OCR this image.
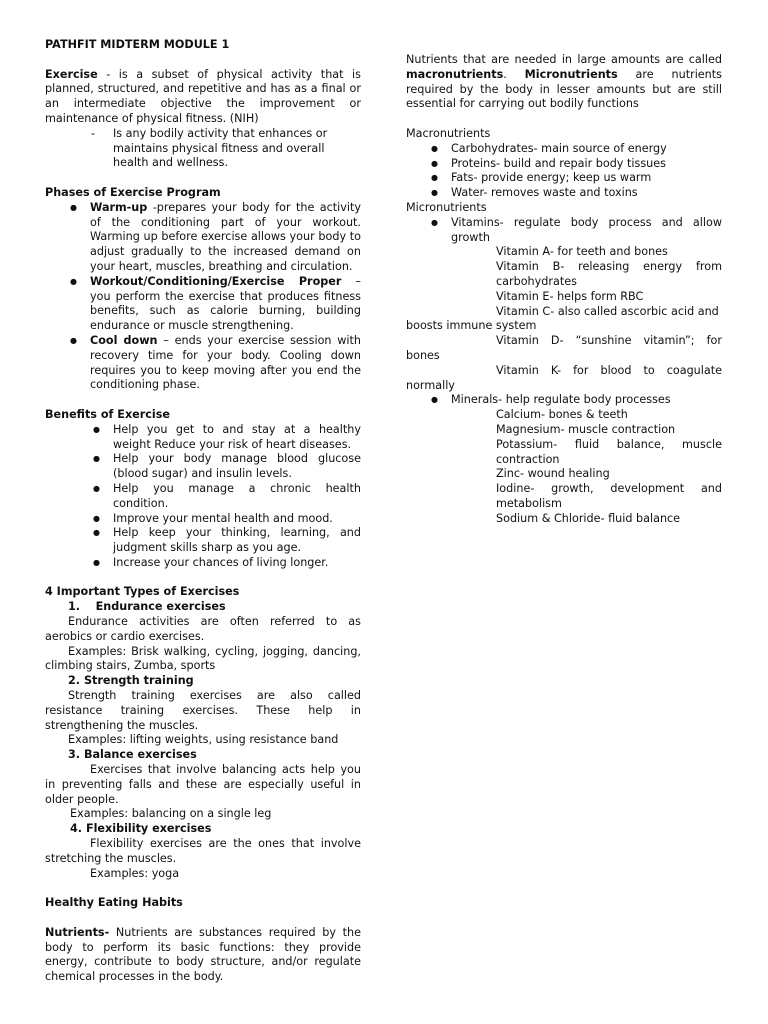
PATHFIT MIDTERM MODULE 1

Exercise - is a subset of physical activity that is planned, structured, and repetitive and has as a final or an intermediate objective the improvement or maintenance of physical fitness. (NIH)

- Is any bodily activity that enhances or maintains physical fitness and overall health and wellness.

Phases of Exercise Program

● Warm-up -prepares your body for the activity of the conditioning part of your workout. Warming up before exercise allows your body to adjust gradually to the increased demand on your heart, muscles, breathing and circulation.
● Workout/Conditioning/Exercise Proper – you perform the exercise that produces fitness benefits, such as calorie burning, building endurance or muscle strengthening.
● Cool down – ends your exercise session with recovery time for your body. Cooling down requires you to keep moving after you end the conditioning phase.

Benefits of Exercise

● Help you get to and stay at a healthy weight Reduce your risk of heart diseases.
● Help your body manage blood glucose (blood sugar) and insulin levels.
● Help you manage a chronic health condition.
● Improve your mental health and mood.
● Help keep your thinking, learning, and judgment skills sharp as you age.
● Increase your chances of living longer.

4 Important Types of Exercises

1. Endurance exercises

Endurance activities are often referred to as aerobics or cardio exercises.

Examples: Brisk walking, cycling, jogging, dancing, climbing stairs, Zumba, sports

2. Strength training

Strength training exercises are also called resistance training exercises. These help in strengthening the muscles.

Examples: lifting weights, using resistance band

3. Balance exercises

Exercises that involve balancing acts help you in preventing falls and these are especially useful in older people.

Examples: balancing on a single leg

4. Flexibility exercises

Flexibility exercises are the ones that involve stretching the muscles.

Examples: yoga

Healthy Eating Habits

Nutrients- Nutrients are substances required by the body to perform its basic functions: they provide energy, contribute to body structure, and/or regulate chemical processes in the body.

Nutrients that are needed in large amounts are called macronutrients. Micronutrients are nutrients required by the body in lesser amounts but are still essential for carrying out bodily functions

Macronutrients

● Carbohydrates- main source of energy
● Proteins- build and repair body tissues
● Fats- provide energy; keep us warm
● Water- removes waste and toxins

Micronutrients

● Vitamins- regulate body process and allow growth

Vitamin A- for teeth and bones

Vitamin B- releasing energy from carbohydrates

Vitamin E- helps form RBC

Vitamin C- also called ascorbic acid and

boosts immune system

Vitamin D- “sunshine vitamin”; for

bones

Vitamin K- for blood to coagulate

normally

● Minerals- help regulate body processes

Calcium- bones & teeth

Magnesium- muscle contraction

Potassium- fluid balance, muscle contraction

Zinc- wound healing

Iodine- growth, development and metabolism

Sodium & Chloride- fluid balance
